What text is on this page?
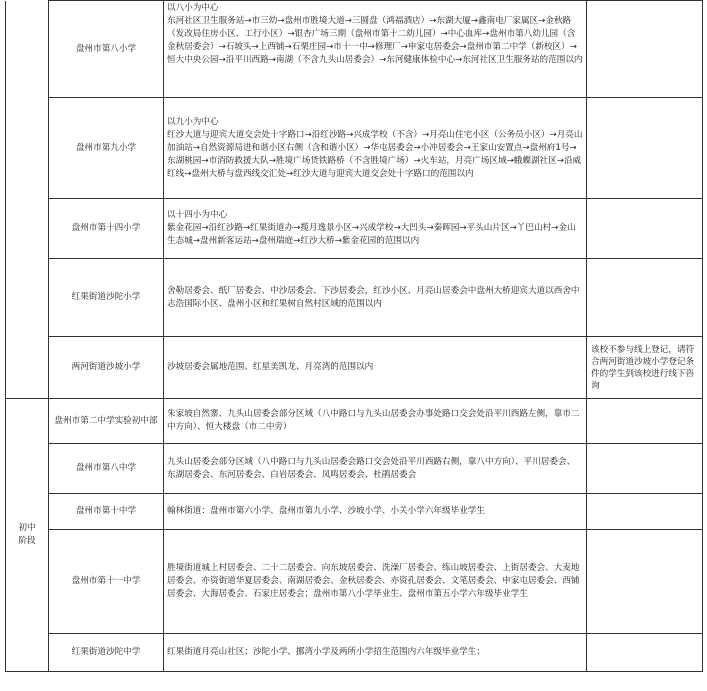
	盘州市第八小学	以八小为中心
东河社区卫生服务站→市三幼→盘州市胜境大道→三圆盘（鸿福酒店）→东湖大厦→鑫南电厂家属区→金秋路（发改局住房小区、工行小区）→银杏广场三期（盘州市第十二幼儿园）→中心血库→盘州市第八幼儿园（含金秋居委会）→石坡头→上西铺→石栗庄园→市十一中→修理厂→申家屯居委会→盘州市第二中学（新校区）→恒大中央公园→沿平川西路→南湖（不含九头山居委会）→东河健康体检中心→东河社区卫生服务站的范围以内	
	盘州市第九小学	以九小为中心
红沙大道与迎宾大道交会处十字路口→沿红沙路→兴成学校（不含）→月亮山住宅小区（公务员小区）→月亮山加油站→自然资源局进和谐小区右侧（含和谐小区）→华屯居委会→小冲居委会→王家山安置点→盘州府1号→东湖桃园→市消防救援大队→胜境广场货铁路桥（不含胜境广场）→火车站，月亮广场区域→蛾蝶湖社区→沿威红线→盘州大桥与盘西线交汇处→红沙大道与迎宾大道交会处十字路口的范围以内	
	盘州市第十四小学	以十四小为中心
紫金花园→沿红沙路→红果街道办→揽月逸景小区→兴成学校→大凹头→秦晖园→平头山片区→丫巴山村→金山生态城→盘州新客运站→盘州瑞庭→红沙大桥→紫金花园的范围以内	
	红果街道沙陀小学	舍勒居委会、纸厂居委会、中沙居委会、下沙居委会，红沙小区、月亮山居委会中盘州大桥迎宾大道以西舍中志浩国际小区、盘州小区和红果树自然村区域的范围以内	
	两河街道沙坡小学	沙坡居委会属地范围、红星美凯龙、月亮湾的范围以内	该校不参与线上登记，请符合两河街道沙坡小学登记条件的学生到该校进行线下咨询
初中
阶段	盘州市第二中学实验初中部	朱家坡自然寨、九头山居委会部分区域（八中路口与九头山居委会办事处路口交会处沿平川西路左侧，靠市二中方向）、恒大楼盘（市二中旁）	
	盘州市第八中学	九头山居委会部分区域（八中路口与九头山居委会路口交会处沿平川西路右侧，靠八中方向）、平川居委会、东湖居委会、东河居委会、白岩居委会、凤鸣居委会、杜鹃居委会	
	盘州市第十中学	翰林街道：盘州市第六小学、盘州市第九小学、沙坡小学、小关小学六年级毕业学生	
	盘州市第十一中学	胜境街道城上村居委会、二十二居委会、向东坡居委会、洗澡厂居委会、练山坡居委会、上街居委会、大麦地居委会、亦资街道华夏居委会、南湖居委会、金秋居委会、亦资孔居委会、文笔居委会、申家屯居委会、西铺居委会、大海居委会、石家庄居委会；盘州市第八小学毕业生、盘州市第五小学六年级毕业学生	
	红果街道沙陀中学	红果街道月亮山社区；沙陀小学、挪湾小学及两所小学招生范围内六年级毕业学生；	
